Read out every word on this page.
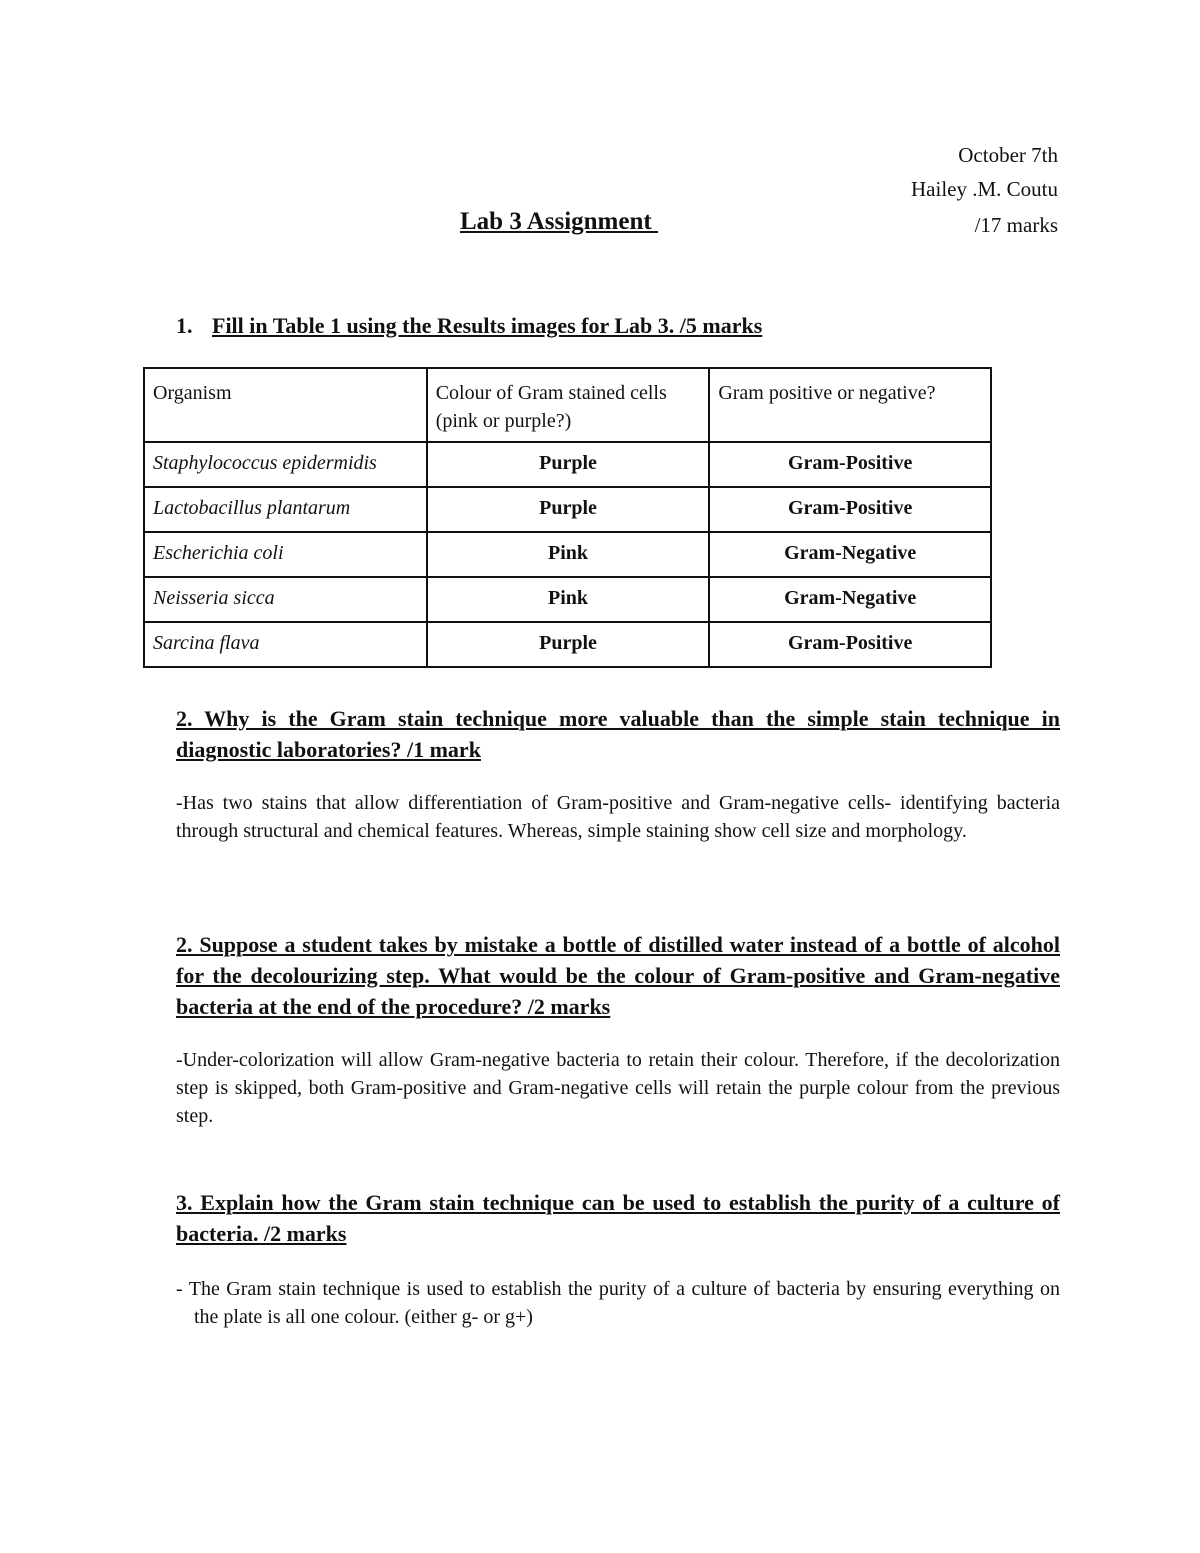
October 7th
Hailey .M. Coutu
/17 marks
Lab 3 Assignment
1. Fill in Table 1 using the Results images for Lab 3. /5 marks
Organism	Colour of Gram stained cells (pink or purple?)	Gram positive or negative?
Staphylococcus epidermidis	Purple	Gram-Positive
Lactobacillus plantarum	Purple	Gram-Positive
Escherichia coli	Pink	Gram-Negative
Neisseria sicca	Pink	Gram-Negative
Sarcina flava	Purple	Gram-Positive
2. Why is the Gram stain technique more valuable than the simple stain technique in diagnostic laboratories? /1 mark
-Has two stains that allow differentiation of Gram-positive and Gram-negative cells- identifying bacteria through structural and chemical features. Whereas, simple staining show cell size and morphology.
2. Suppose a student takes by mistake a bottle of distilled water instead of a bottle of alcohol for the decolourizing step. What would be the colour of Gram-positive and Gram-negative bacteria at the end of the procedure? /2 marks
-Under-colorization will allow Gram-negative bacteria to retain their colour. Therefore, if the decolorization step is skipped, both Gram-positive and Gram-negative cells will retain the purple colour from the previous step.
3. Explain how the Gram stain technique can be used to establish the purity of a culture of bacteria. /2 marks
- The Gram stain technique is used to establish the purity of a culture of bacteria by ensuring everything on the plate is all one colour. (either g- or g+)
